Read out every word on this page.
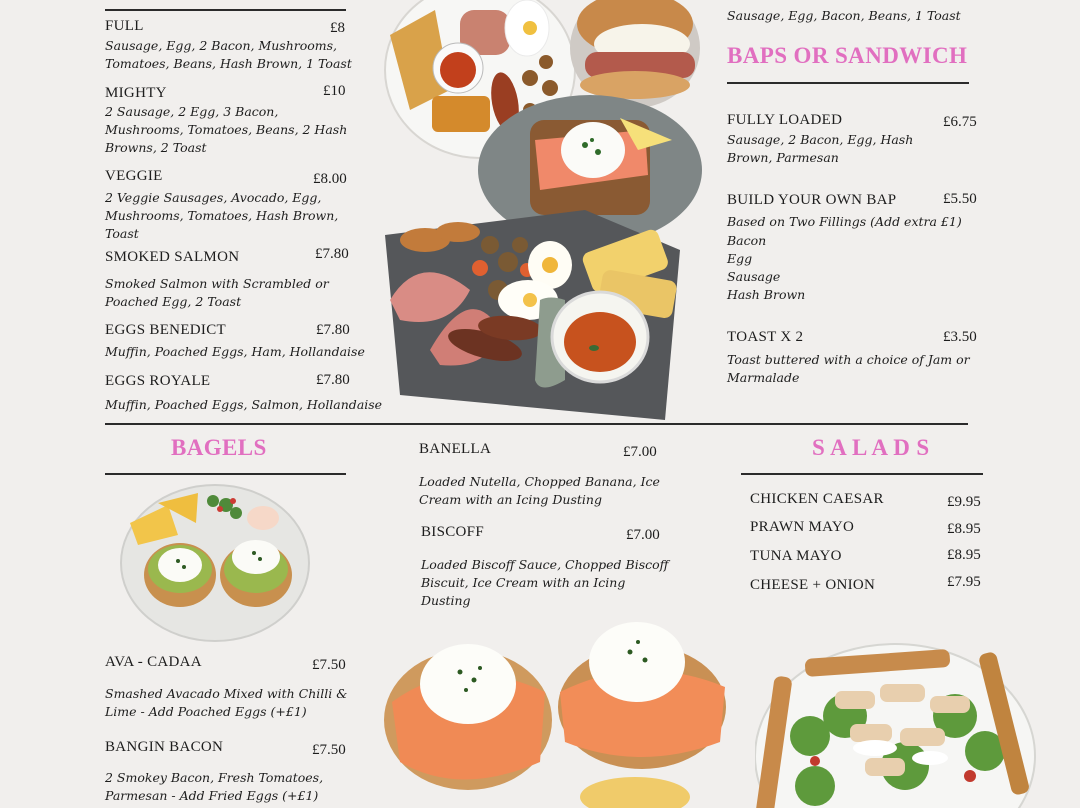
FULL	£8
Sausage, Egg, 2 Bacon, Mushrooms, Tomatoes, Beans, Hash Brown, 1 Toast
MIGHTY	£10
2 Sausage, 2 Egg, 3 Bacon, Mushrooms, Tomatoes, Beans, 2 Hash Browns, 2 Toast
VEGGIE	£8.00
2 Veggie Sausages, Avocado, Egg, Mushrooms, Tomatoes, Hash Brown, Toast
SMOKED SALMON	£7.80
Smoked Salmon with Scrambled or Poached Egg, 2 Toast
EGGS BENEDICT	£7.80
Muffin, Poached Eggs, Ham, Hollandaise
EGGS ROYALE	£7.80
Muffin, Poached Eggs, Salmon, Hollandaise
Sausage, Egg, Bacon, Beans, 1 Toast
BAPS OR SANDWICH
FULLY LOADED	£6.75
Sausage, 2 Bacon, Egg, Hash Brown, Parmesan
BUILD YOUR OWN BAP	£5.50
Based on Two Fillings (Add extra £1)
Bacon
Egg
Sausage
Hash Brown
TOAST X 2	£3.50
Toast buttered with a choice of Jam or Marmalade
BAGELS
AVA - CADAA	£7.50
Smashed Avacado Mixed with Chilli & Lime - Add Poached Eggs (+£1)
BANGIN BACON	£7.50
2 Smokey Bacon, Fresh Tomatoes, Parmesan - Add Fried Eggs (+£1)
BANELLA	£7.00
Loaded Nutella, Chopped Banana, Ice Cream with an Icing Dusting
BISCOFF	£7.00
Loaded Biscoff Sauce, Chopped Biscoff Biscuit, Ice Cream with an Icing Dusting
S A L A D S
CHICKEN CAESAR	£9.95
PRAWN MAYO	£8.95
TUNA MAYO	£8.95
CHEESE + ONION	£7.95
